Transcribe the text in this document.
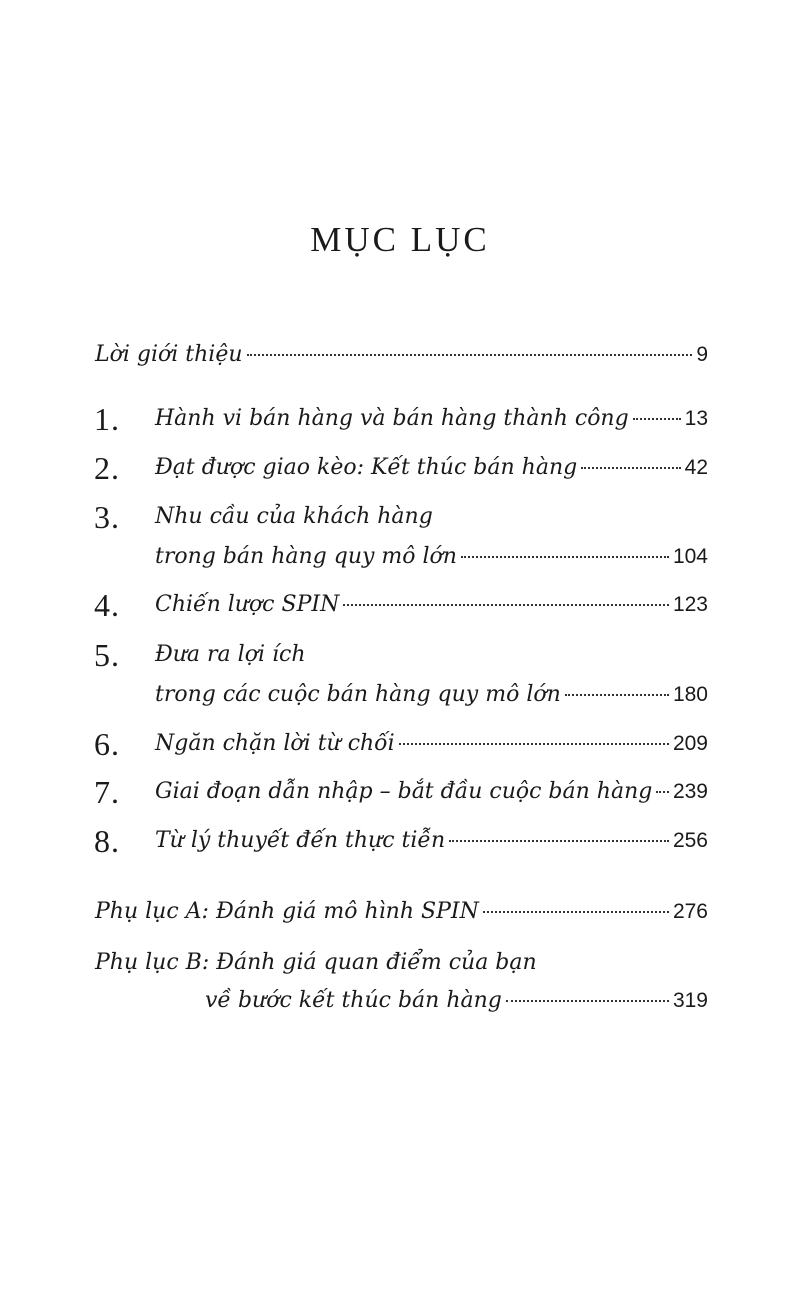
MỤC LỤC
Lời giới thiệu	9
1.	Hành vi bán hàng và bán hàng thành công	13
2.	Đạt được giao kèo: Kết thúc bán hàng	42
3.	Nhu cầu của khách hàng
trong bán hàng quy mô lớn	104
4.	Chiến lược SPIN	123
5.	Đưa ra lợi ích
trong các cuộc bán hàng quy mô lớn	180
6.	Ngăn chặn lời từ chối	209
7.	Giai đoạn dẫn nhập – bắt đầu cuộc bán hàng 239
8.	Từ lý thuyết đến thực tiễn	256
Phụ lục A: Đánh giá mô hình SPIN	276
Phụ lục B: Đánh giá quan điểm của bạn
về bước kết thúc bán hàng	319
